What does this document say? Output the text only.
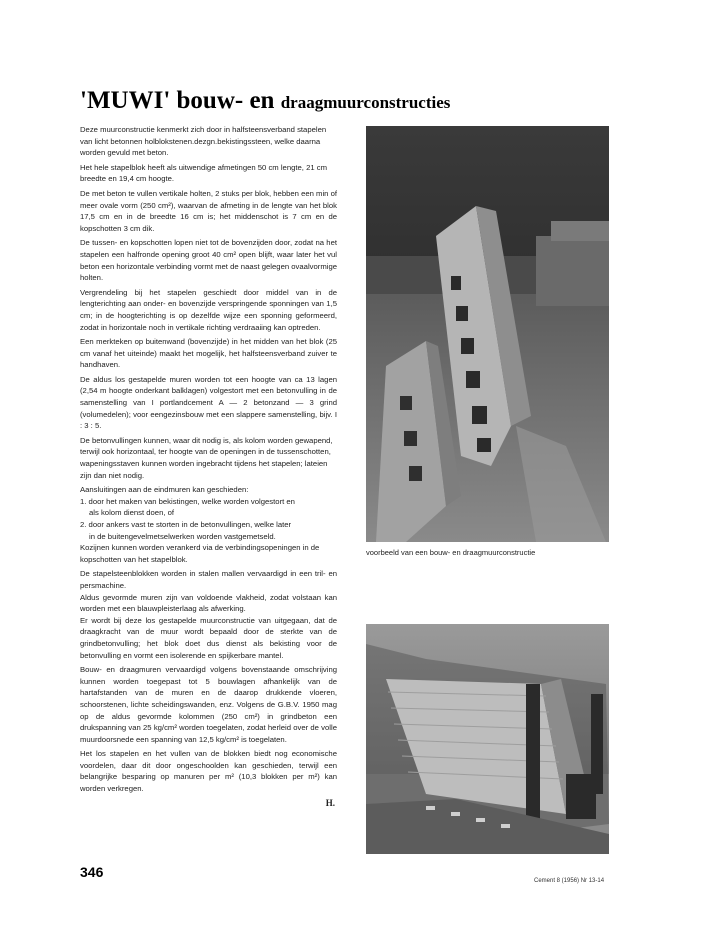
'MUWI' bouw- en draagmuurconstructies

Deze muurconstructie kenmerkt zich door in halfsteensverband stapelen van licht betonnen holblokstenen.dezgn.bekistingssteen, welke daarna worden gevuld met beton.

Het hele stapelblok heeft als uitwendige afmetingen 50 cm lengte, 21 cm breedte en 19,4 cm hoogte.

De met beton te vullen vertikale holten, 2 stuks per blok, hebben een min of meer ovale vorm (250 cm²), waarvan de afmeting in de lengte van het blok 17,5 cm en in de breedte 16 cm is; het middenschot is 7 cm en de kopschotten 3 cm dik.

De tussen- en kopschotten lopen niet tot de bovenzijden door, zodat na het stapelen een halfronde opening groot 40 cm² open blijft, waar later het vul beton een horizontale verbinding vormt met de naast gelegen ovaalvormige holten.

Vergrendeling bij het stapelen geschiedt door middel van in de lengterichting aan onder- en bovenzijde verspringende sponningen van 1,5 cm; in de hoogterichting is op dezelfde wijze een sponning geformeerd, zodat in horizontale noch in vertikale richting verdraaiing kan optreden.

Een merkteken op buitenwand (bovenzijde) in het midden van het blok (25 cm vanaf het uiteinde) maakt het mogelijk, het halfsteensverband zuiver te handhaven.

De aldus los gestapelde muren worden tot een hoogte van ca 13 lagen (2,54 m hoogte onderkant balklagen) volgestort met een betonvulling in de samenstelling van I portlandcement A — 2 betonzand — 3 grind (volumedelen); voor eengezinsbouw met een slappere samenstelling, bijv. I : 3 : 5.

De betonvullingen kunnen, waar dit nodig is, als kolom worden gewapend, terwijl ook horizontaal, ter hoogte van de openingen in de tussenschotten, wapeningsstaven kunnen worden ingebracht tijdens het stapelen; lateien zijn dan niet nodig.

Aansluitingen aan de eindmuren kan geschieden:

1. door het maken van bekistingen, welke worden volgestort en

als kolom dienst doen, of

2. door ankers vast te storten in de betonvullingen, welke later

in de buitengevelmetselwerken worden vastgemetseld.

Kozijnen kunnen worden verankerd via de verbindingsopeningen in de kopschotten van het stapelblok.

De stapelsteenblokken worden in stalen mallen vervaardigd in een tril- en persmachine.

Aldus gevormde muren zijn van voldoende vlakheid, zodat volstaan kan worden met een blauwpleisterlaag als afwerking.

Er wordt bij deze los gestapelde muurconstructie van uitgegaan, dat de draagkracht van de muur wordt bepaald door de sterkte van de grindbetonvulling; het blok doet dus dienst als bekisting voor de betonvulling en vormt een isolerende en spijkerbare mantel.

Bouw- en draagmuren vervaardigd volgens bovenstaande omschrijving kunnen worden toegepast tot 5 bouwlagen afhankelijk van de hartafstanden van de muren en de daarop drukkende vloeren, schoorstenen, lichte scheidingswanden, enz. Volgens de G.B.V. 1950 mag op de aldus gevormde kolommen (250 cm²) in grindbeton een drukspanning van 25 kg/cm² worden toegelaten, zodat herleid over de volle muurdoorsnede een spanning van 12,5 kg/cm² is toegelaten.

Het los stapelen en het vullen van de blokken biedt nog economische voordelen, daar dit door ongeschoolden kan geschieden, terwijl een belangrijke besparing op manuren per m² (10,3 blokken per m²) kan worden verkregen.

H.

voorbeeld van een bouw- en draagmuurconstructie
346
Cement 8 (1956) Nr 13-14
